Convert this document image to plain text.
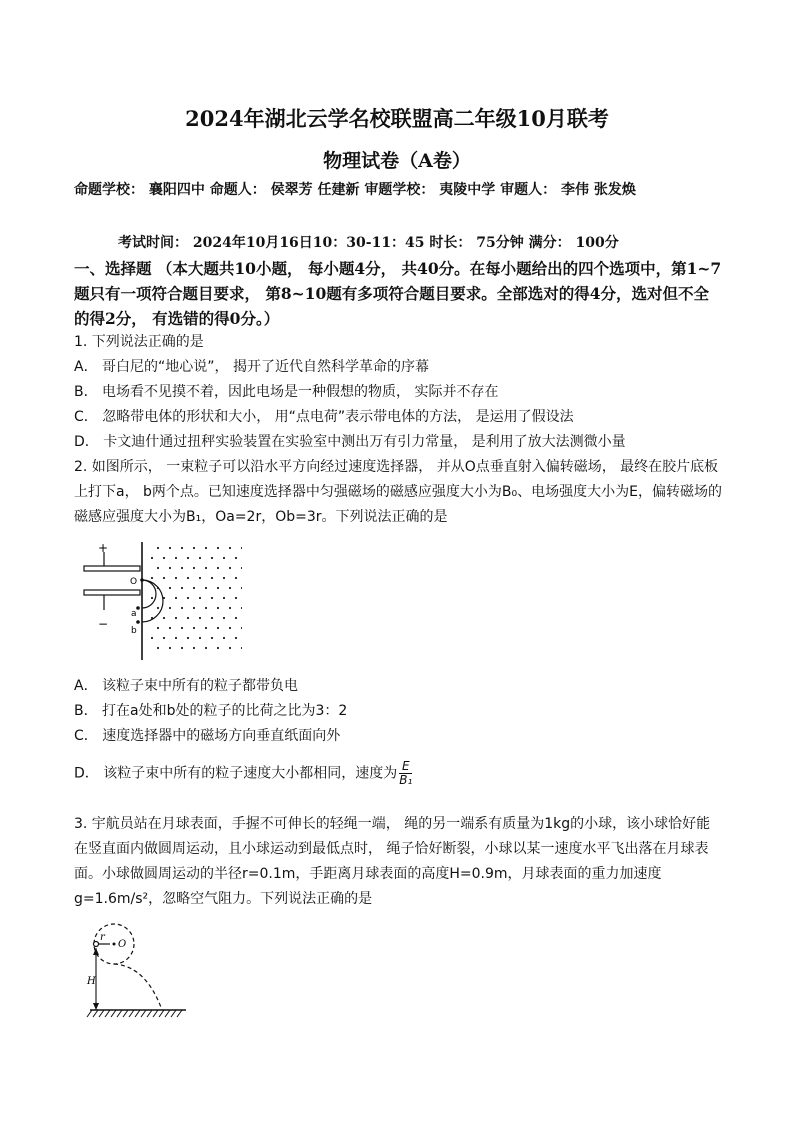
2024年湖北云学名校联盟高二年级10月联考
物理试卷（A卷）

命题学校： 襄阳四中 命题人： 侯翠芳 任建新 审题学校： 夷陵中学 审题人： 李伟 张发焕

考试时间： 2024年10月16日10：30-11：45 时长： 75分钟 满分： 100分

一、选择题 （本大题共10小题， 每小题4分， 共40分。在每小题给出的四个选项中，第1~7题只有一项符合题目要求， 第8~10题有多项符合题目要求。全部选对的得4分，选对但不全的得2分， 有选错的得0分。）

1. 下列说法正确的是

A． 哥白尼的“地心说”， 揭开了近代自然科学革命的序幕
B． 电场看不见摸不着，因此电场是一种假想的物质， 实际并不存在
C． 忽略带电体的形状和大小， 用“点电荷”表示带电体的方法， 是运用了假设法
D． 卡文迪什通过扭秤实验装置在实验室中测出万有引力常量， 是利用了放大法测微小量

2. 如图所示， 一束粒子可以沿水平方向经过速度选择器， 并从O点垂直射入偏转磁场， 最终在胶片底板上打下a， b两个点。已知速度选择器中匀强磁场的磁感应强度大小为B₀、电场强度大小为E，偏转磁场的磁感应强度大小为B₁，Oa=2r，Ob=3r。下列说法正确的是

+
−
O
a
b
A． 该粒子束中所有的粒子都带负电
B． 打在a处和b处的粒子的比荷之比为3：2
C． 速度选择器中的磁场方向垂直纸面向外
D． 该粒子束中所有的粒子速度大小都相同，速度为 $\frac{E}{\text{B₁}}$

3. 宇航员站在月球表面，手握不可伸长的轻绳一端， 绳的另一端系有质量为1kg的小球，该小球恰好能在竖直面内做圆周运动，且小球运动到最低点时， 绳子恰好断裂，小球以某一速度水平飞出落在月球表面。小球做圆周运动的半径r=0.1m，手距离月球表面的高度H=0.9m，月球表面的重力加速度g=1.6m/s²，忽略空气阻力。下列说法正确的是

r
O
H
